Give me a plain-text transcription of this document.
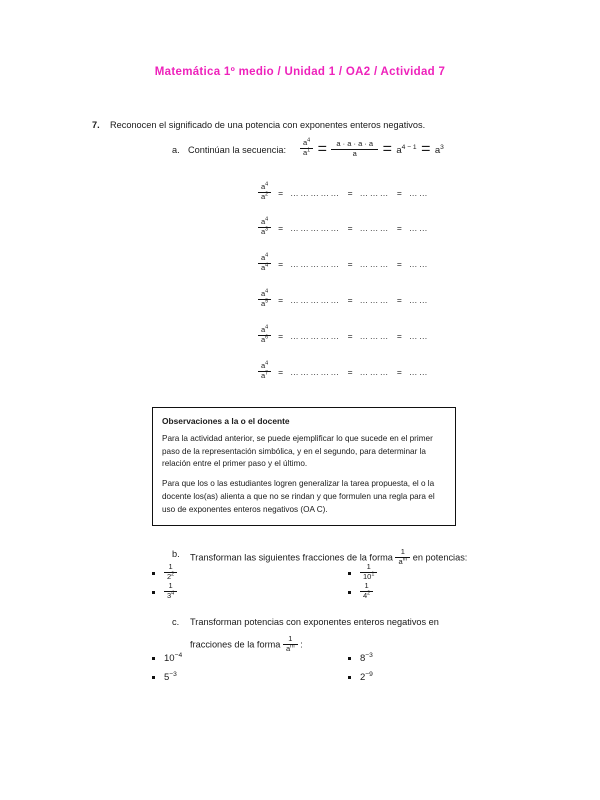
Matemática 1º medio / Unidad 1 / OA2 / Actividad 7
7. Reconocen el significado de una potencia con exponentes enteros negativos.
a. Continúan la secuencia: $\frac{a^4}{a^1} = \frac{a \cdot a \cdot a \cdot a}{a} = a^{4 - 1} = a^3$
$\frac{a^4}{a^2}$ = …………… = ……… = ……
$\frac{a^4}{a^3}$ = …………… = ……… = ……
$\frac{a^4}{a^4}$ = …………… = ……… = ……
$\frac{a^4}{a^5}$ = …………… = ……… = ……
$\frac{a^4}{a^6}$ = …………… = ……… = ……
$\frac{a^4}{a^7}$ = …………… = ……… = ……
Observaciones a la o el docente

Para la actividad anterior, se puede ejemplificar lo que sucede en el primer paso de la representación simbólica, y en el segundo, para determinar la relación entre el primer paso y el último.

Para que los o las estudiantes logren generalizar la tarea propuesta, el o la docente los(as) alienta a que no se rindan y que formulen una regla para el uso de exponentes enteros negativos (OA C).

b. Transforman las siguientes fracciones de la forma $\frac{1}{a^m}$ en potencias:
$\frac{1}{2^2}$
$\frac{1}{3^4}$
$\frac{1}{10^1}$
$\frac{1}{4^2}$
c. Transforman potencias con exponentes enteros negativos en
fracciones de la forma $\frac{1}{a^m}$ :
$10^{-4}$
$5^{-3}$
$8^{-3}$
$2^{-9}$
